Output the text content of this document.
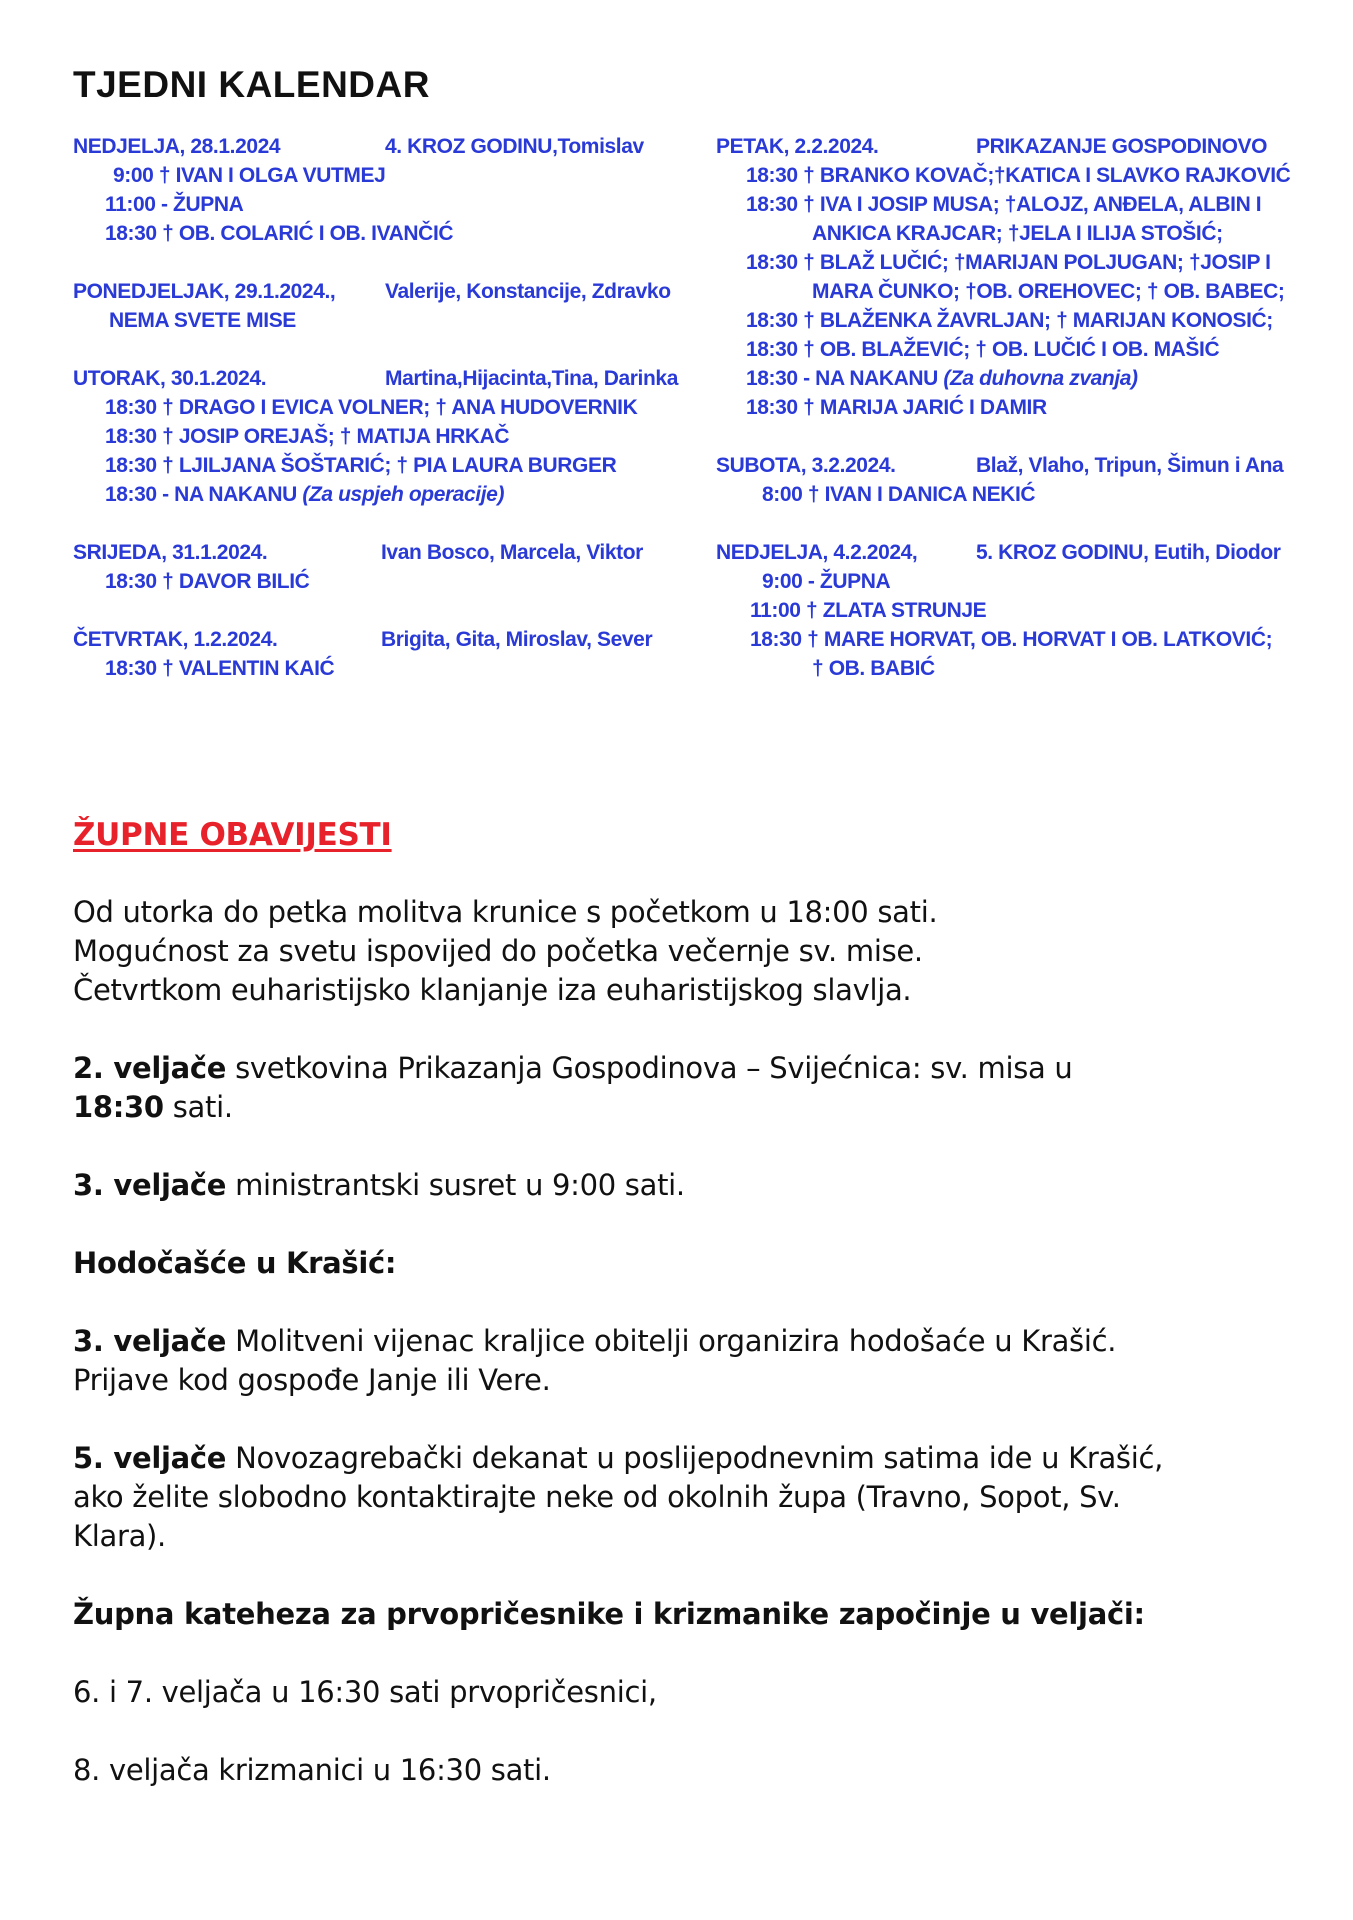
TJEDNI KALENDAR
NEDJELJA, 28.1.2024	4. KROZ GODINU,Tomislav
9:00 † IVAN I OLGA VUTMEJ
11:00 - ŽUPNA
18:30 † OB. COLARIĆ I OB. IVANČIĆ
PONEDJELJAK, 29.1.2024., Valerije, Konstancije, Zdravko
NEMA SVETE MISE
UTORAK, 30.1.2024.	Martina,Hijacinta,Tina, Darinka
18:30 † DRAGO I EVICA VOLNER; † ANA HUDOVERNIK
18:30 † JOSIP OREJAŠ; † MATIJA HRKAČ
18:30 † LJILJANA ŠOŠTARIĆ; † PIA LAURA BURGER
18:30 - NA NAKANU (Za uspjeh operacije)
SRIJEDA, 31.1.2024.	Ivan Bosco, Marcela, Viktor
18:30 † DAVOR BILIĆ
ČETVRTAK, 1.2.2024.	Brigita, Gita, Miroslav, Sever
18:30 † VALENTIN KAIĆ
PETAK, 2.2.2024.	PRIKAZANJE GOSPODINOVO
18:30 † BRANKO KOVAČ;†KATICA I SLAVKO RAJKOVIĆ
18:30 † IVA I JOSIP MUSA; †ALOJZ, ANĐELA, ALBIN I
ANKICA KRAJCAR; †JELA I ILIJA STOŠIĆ;
18:30 † BLAŽ LUČIĆ; †MARIJAN POLJUGAN; †JOSIP I
MARA ČUNKO; †OB. OREHOVEC; † OB. BABEC;
18:30 † BLAŽENKA ŽAVRLJAN; † MARIJAN KONOSIĆ;
18:30 † OB. BLAŽEVIĆ; † OB. LUČIĆ I OB. MAŠIĆ
18:30 - NA NAKANU (Za duhovna zvanja)
18:30 † MARIJA JARIĆ I DAMIR
SUBOTA, 3.2.2024.	Blaž, Vlaho, Tripun, Šimun i Ana
8:00 † IVAN I DANICA NEKIĆ
NEDJELJA, 4.2.2024,	5. KROZ GODINU, Eutih, Diodor
9:00 - ŽUPNA
11:00 † ZLATA STRUNJE
18:30 † MARE HORVAT, OB. HORVAT I OB. LATKOVIĆ;
† OB. BABIĆ
ŽUPNE OBAVIJESTI

Od utorka do petka molitva krunice s početkom u 18:00 sati.

Mogućnost za svetu ispovijed do početka večernje sv. mise.

Četvrtkom euharistijsko klanjanje iza euharistijskog slavlja.

2. veljače svetkovina Prikazanja Gospodinova – Svijećnica: sv. misa u

18:30 sati.

3. veljače ministrantski susret u 9:00 sati.

Hodočašće u Krašić:

3. veljače Molitveni vijenac kraljice obitelji organizira hodošaće u Krašić.

Prijave kod gospođe Janje ili Vere.

5. veljače Novozagrebački dekanat u poslijepodnevnim satima ide u Krašić,

ako želite slobodno kontaktirajte neke od okolnih župa (Travno, Sopot, Sv.

Klara).

Župna kateheza za prvopričesnike i krizmanike započinje u veljači:

6. i 7. veljača u 16:30 sati prvopričesnici,

8. veljača krizmanici u 16:30 sati.
